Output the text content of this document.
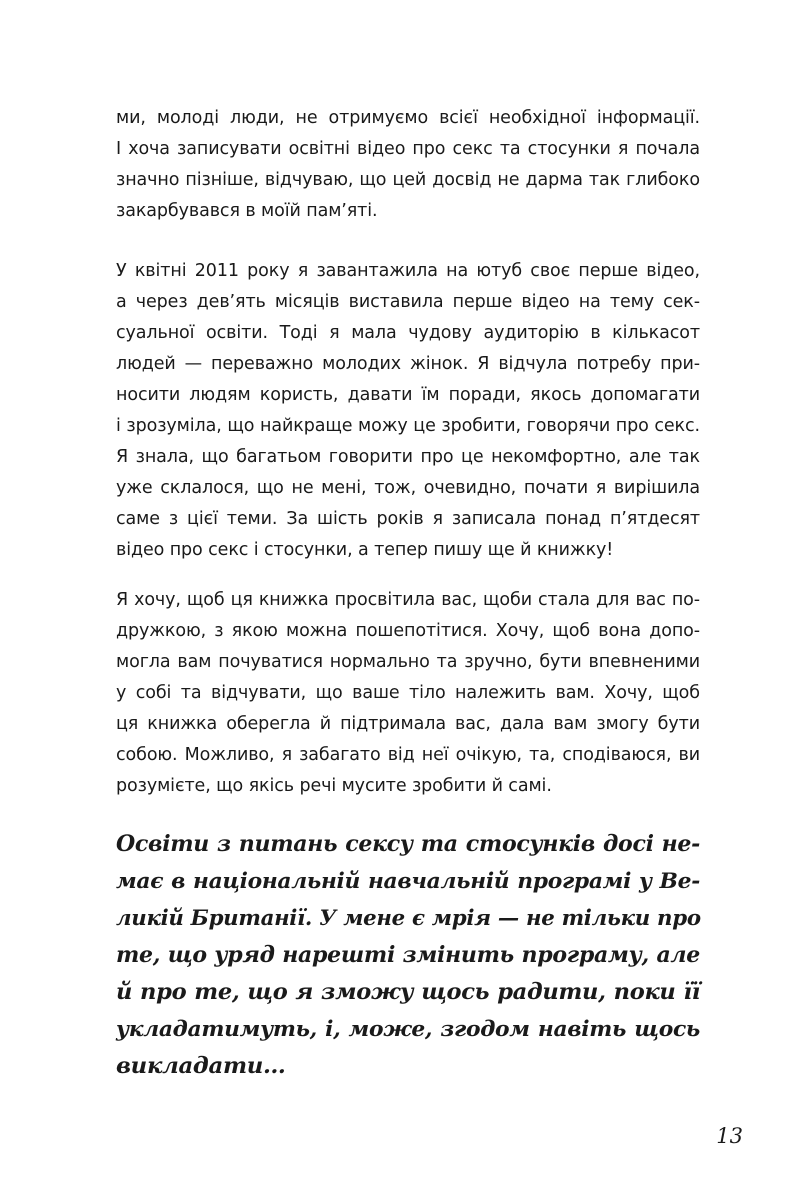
ми, молоді люди, не отримуємо всієї необхідної інформації.
І хоча записувати освітні відео про секс та стосунки я почала
значно пізніше, відчуваю, що цей досвід не дарма так глибоко
закарбувався в моїй пам’яті.
У квітні 2011 року я завантажила на ютуб своє перше відео,
а через дев’ять місяців виставила перше відео на тему сек-
суальної освіти. Тоді я мала чудову аудиторію в кількасот
людей — переважно молодих жінок. Я відчула потребу при-
носити людям користь, давати їм поради, якось допомагати
і зрозуміла, що найкраще можу це зробити, говорячи про секс.
Я знала, що багатьом говорити про це некомфортно, але так
уже склалося, що не мені, тож, очевидно, почати я вирішила
саме з цієї теми. За шість років я записала понад п’ятдесят
відео про секс і стосунки, а тепер пишу ще й книжку!
Я хочу, щоб ця книжка просвітила вас, щоби стала для вас по-
дружкою, з якою можна пошепотітися. Хочу, щоб вона допо-
могла вам почуватися нормально та зручно, бути впевненими
у собі та відчувати, що ваше тіло належить вам. Хочу, щоб
ця книжка оберегла й підтримала вас, дала вам змогу бути
собою. Можливо, я забагато від неї очікую, та, сподіваюся, ви
розумієте, що якісь речі мусите зробити й самі.
Освіти з питань сексу та стосунків досі не-
має в національній навчальній програмі у Ве-
ликій Британії. У мене є мрія — не тільки про
те, що уряд нарешті змінить програму, але
й про те, що я зможу щось радити, поки її
укладатимуть, і, може, згодом навіть щось
викладати…
13
